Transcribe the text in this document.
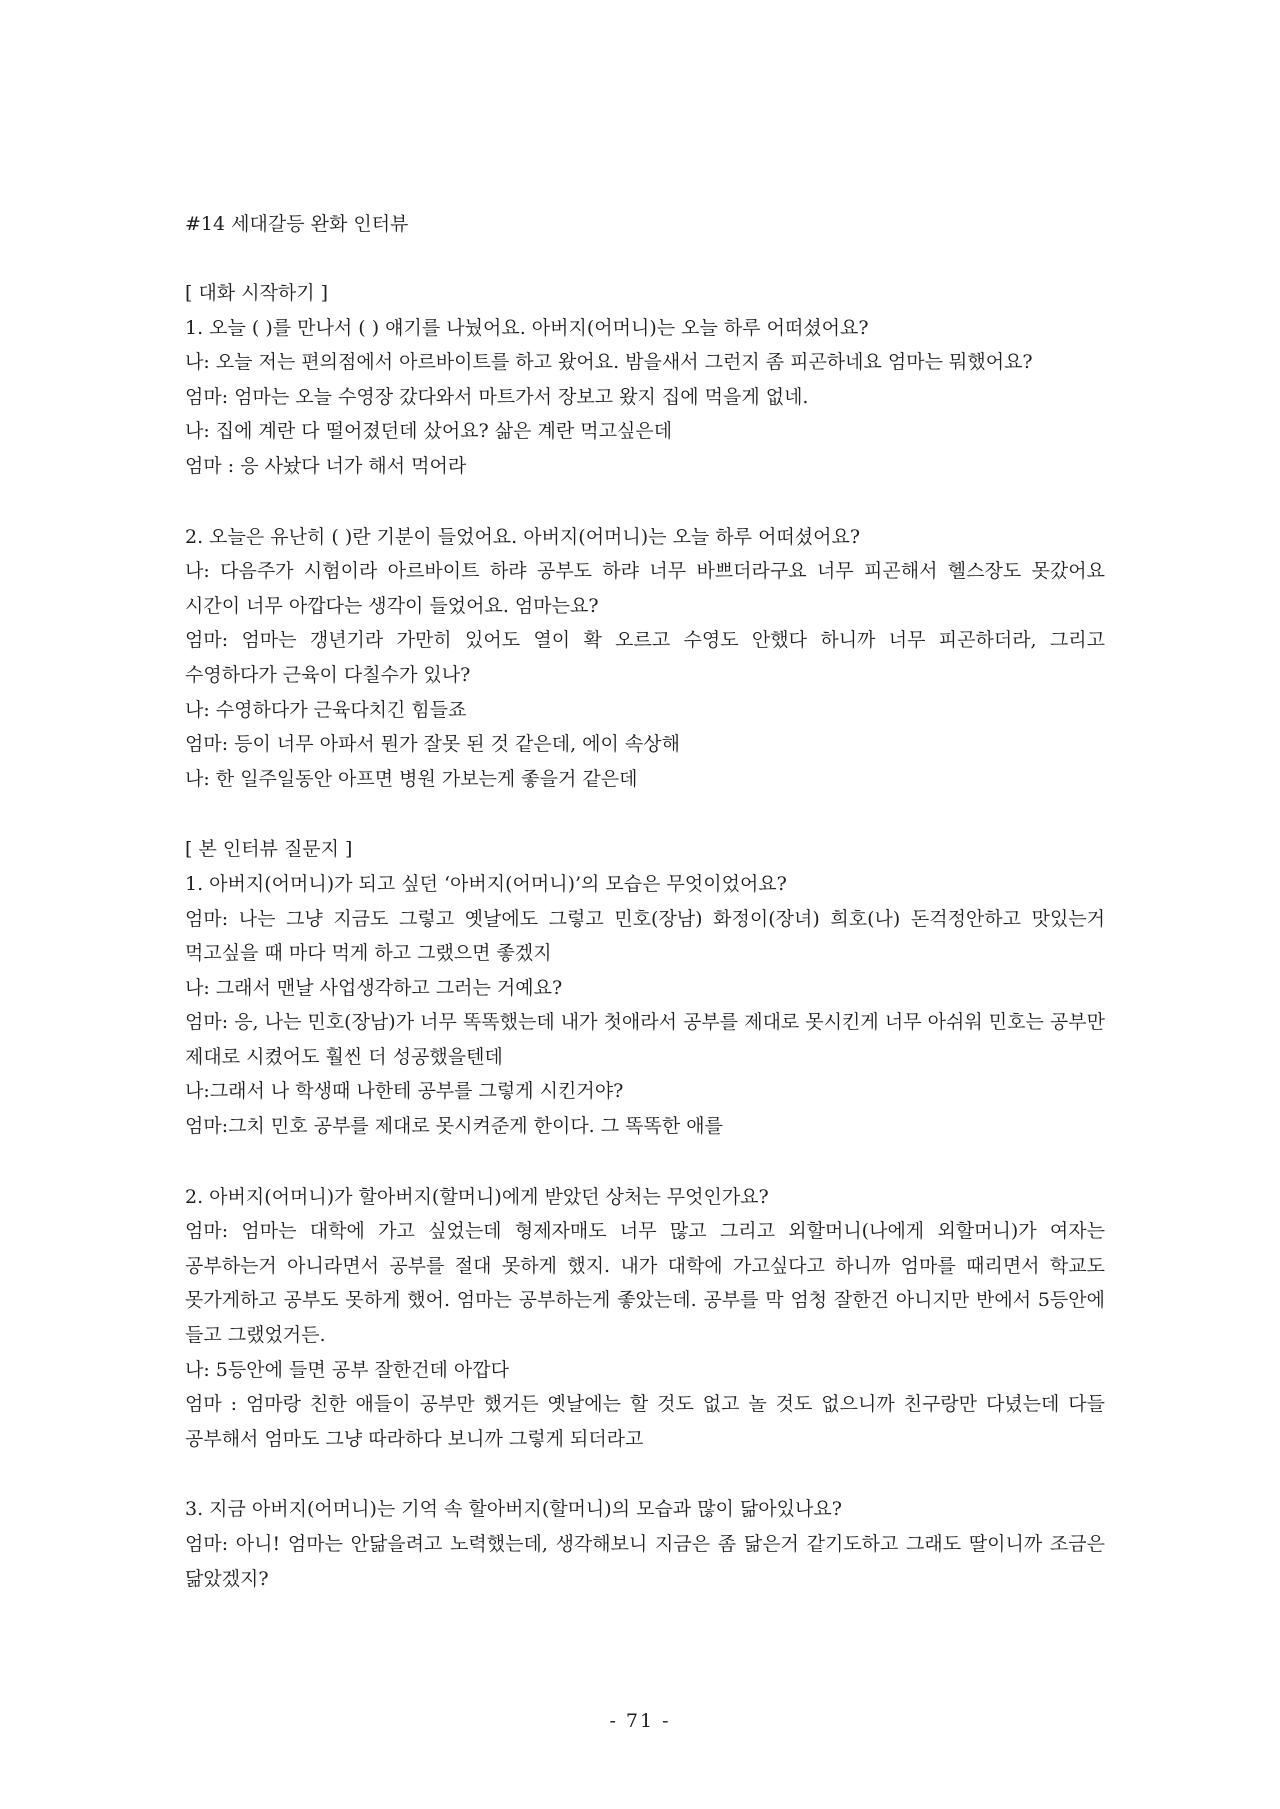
#14 세대갈등 완화 인터뷰

[ 대화 시작하기 ]

1. 오늘 ( )를 만나서 ( ) 얘기를 나눴어요. 아버지(어머니)는 오늘 하루 어떠셨어요?

나: 오늘 저는 편의점에서 아르바이트를 하고 왔어요. 밤을새서 그런지 좀 피곤하네요 엄마는 뭐했어요?

엄마: 엄마는 오늘 수영장 갔다와서 마트가서 장보고 왔지 집에 먹을게 없네.

나: 집에 계란 다 떨어졌던데 샀어요? 삶은 계란 먹고싶은데

엄마 : 응 사놨다 너가 해서 먹어라

2. 오늘은 유난히 ( )란 기분이 들었어요. 아버지(어머니)는 오늘 하루 어떠셨어요?

나: 다음주가 시험이라 아르바이트 하랴 공부도 하랴 너무 바쁘더라구요 너무 피곤해서 헬스장도 못갔어요 시간이 너무 아깝다는 생각이 들었어요. 엄마는요?

엄마: 엄마는 갱년기라 가만히 있어도 열이 확 오르고 수영도 안했다 하니까 너무 피곤하더라, 그리고 수영하다가 근육이 다칠수가 있나?

나: 수영하다가 근육다치긴 힘들죠

엄마: 등이 너무 아파서 뭔가 잘못 된 것 같은데, 에이 속상해

나: 한 일주일동안 아프면 병원 가보는게 좋을거 같은데

[ 본 인터뷰 질문지 ]

1. 아버지(어머니)가 되고 싶던 ‘아버지(어머니)’의 모습은 무엇이었어요?

엄마: 나는 그냥 지금도 그렇고 옛날에도 그렇고 민호(장남) 화정이(장녀) 희호(나) 돈걱정안하고 맛있는거 먹고싶을 때 마다 먹게 하고 그랬으면 좋겠지

나: 그래서 맨날 사업생각하고 그러는 거예요?

엄마: 응, 나는 민호(장남)가 너무 똑똑했는데 내가 첫애라서 공부를 제대로 못시킨게 너무 아쉬워 민호는 공부만 제대로 시켰어도 훨씬 더 성공했을텐데

나:그래서 나 학생때 나한테 공부를 그렇게 시킨거야?

엄마:그치 민호 공부를 제대로 못시켜준게 한이다. 그 똑똑한 애를

2. 아버지(어머니)가 할아버지(할머니)에게 받았던 상처는 무엇인가요?

엄마: 엄마는 대학에 가고 싶었는데 형제자매도 너무 많고 그리고 외할머니(나에게 외할머니)가 여자는 공부하는거 아니라면서 공부를 절대 못하게 했지. 내가 대학에 가고싶다고 하니까 엄마를 때리면서 학교도 못가게하고 공부도 못하게 했어. 엄마는 공부하는게 좋았는데. 공부를 막 엄청 잘한건 아니지만 반에서 5등안에 들고 그랬었거든.

나: 5등안에 들면 공부 잘한건데 아깝다

엄마 : 엄마랑 친한 애들이 공부만 했거든 옛날에는 할 것도 없고 놀 것도 없으니까 친구랑만 다녔는데 다들 공부해서 엄마도 그냥 따라하다 보니까 그렇게 되더라고

3. 지금 아버지(어머니)는 기억 속 할아버지(할머니)의 모습과 많이 닮아있나요?

엄마: 아니! 엄마는 안닮을려고 노력했는데, 생각해보니 지금은 좀 닮은거 같기도하고 그래도 딸이니까 조금은 닮았겠지?

- 71 -
